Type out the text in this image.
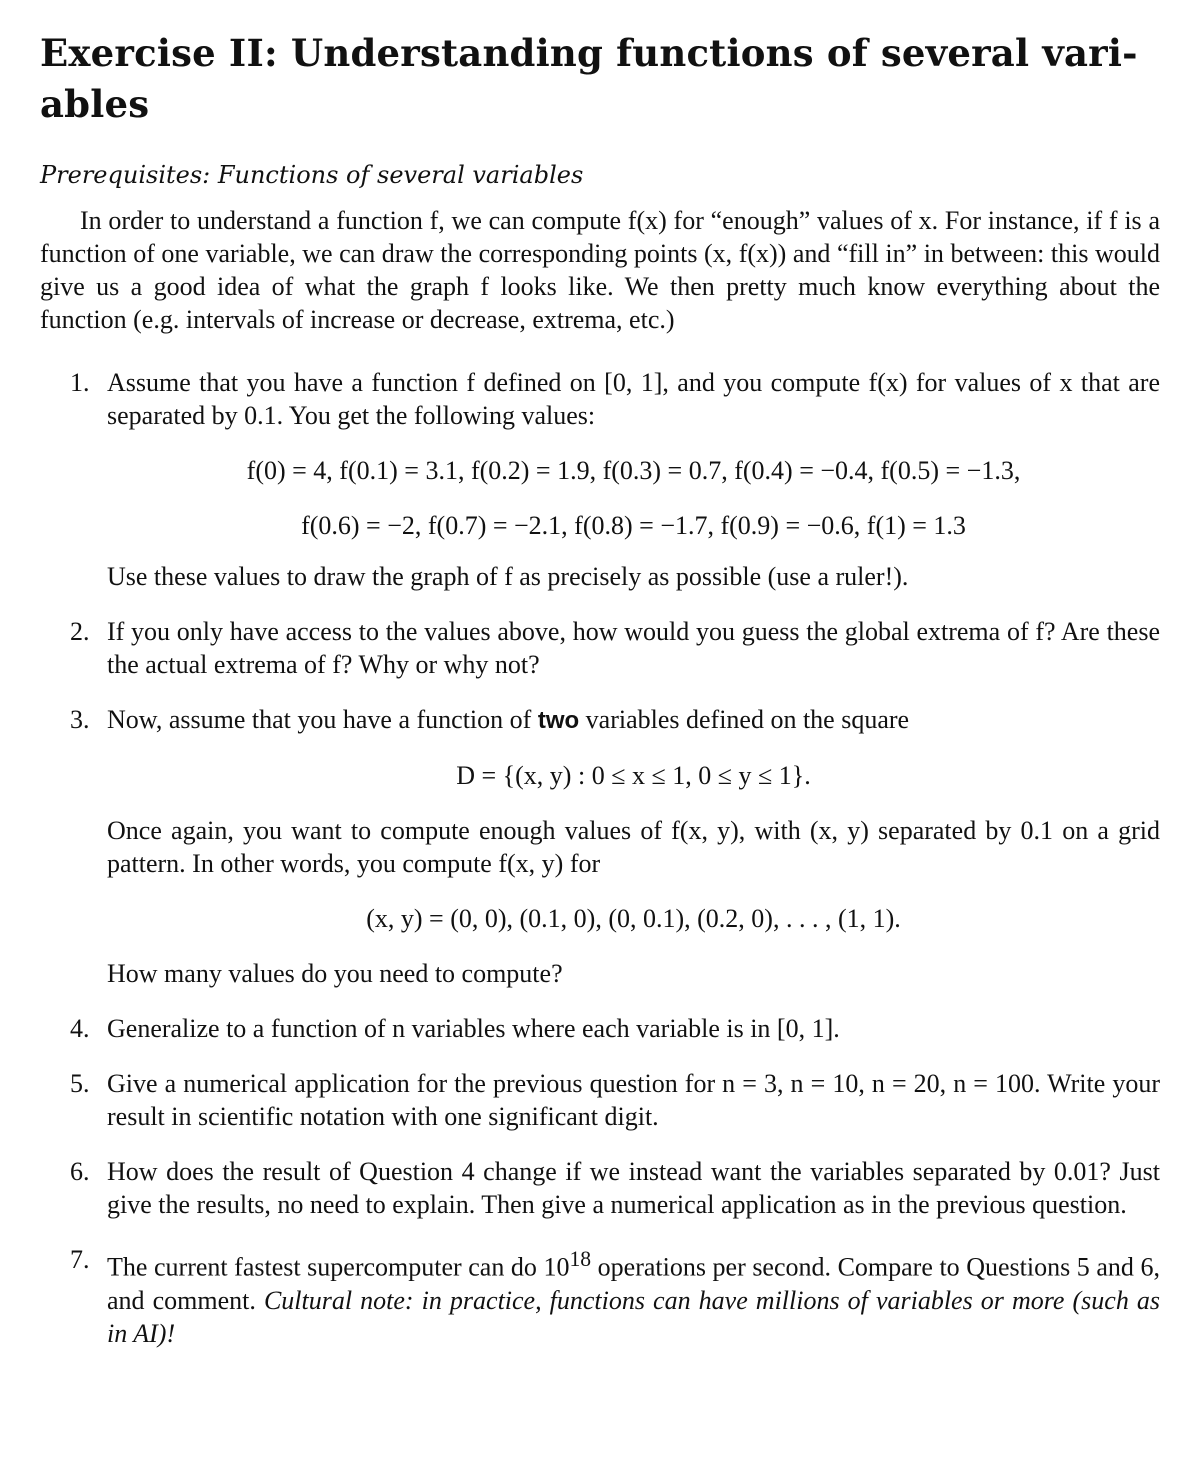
Exercise II: Understanding functions of several vari-ables
Prerequisites: Functions of several variables

In order to understand a function f, we can compute f(x) for “enough” values of x. For instance, if f is a function of one variable, we can draw the corresponding points (x, f(x)) and “fill in” in between: this would give us a good idea of what the graph f looks like. We then pretty much know everything about the function (e.g. intervals of increase or decrease, extrema, etc.)

1. Assume that you have a function f defined on [0, 1], and you compute f(x) for values of x that are separated by 0.1. You get the following values:

f(0) = 4, f(0.1) = 3.1, f(0.2) = 1.9, f(0.3) = 0.7, f(0.4) = −0.4, f(0.5) = −1.3,
f(0.6) = −2, f(0.7) = −2.1, f(0.8) = −1.7, f(0.9) = −0.6, f(1) = 1.3

Use these values to draw the graph of f as precisely as possible (use a ruler!).

2. If you only have access to the values above, how would you guess the global extrema of f? Are these the actual extrema of f? Why or why not?

3. Now, assume that you have a function of two variables defined on the square

D = {(x, y) : 0 ≤ x ≤ 1, 0 ≤ y ≤ 1}.

Once again, you want to compute enough values of f(x, y), with (x, y) separated by 0.1 on a grid pattern. In other words, you compute f(x, y) for

(x, y) = (0, 0), (0.1, 0), (0, 0.1), (0.2, 0), . . . , (1, 1).

How many values do you need to compute?

4. Generalize to a function of n variables where each variable is in [0, 1].

5. Give a numerical application for the previous question for n = 3, n = 10, n = 20, n = 100. Write your result in scientific notation with one significant digit.

6. How does the result of Question 4 change if we instead want the variables separated by 0.01? Just give the results, no need to explain. Then give a numerical application as in the previous question.

7. The current fastest supercomputer can do $10^{18}$ operations per second. Compare to Questions 5 and 6, and comment. Cultural note: in practice, functions can have millions of variables or more (such as in AI)!
